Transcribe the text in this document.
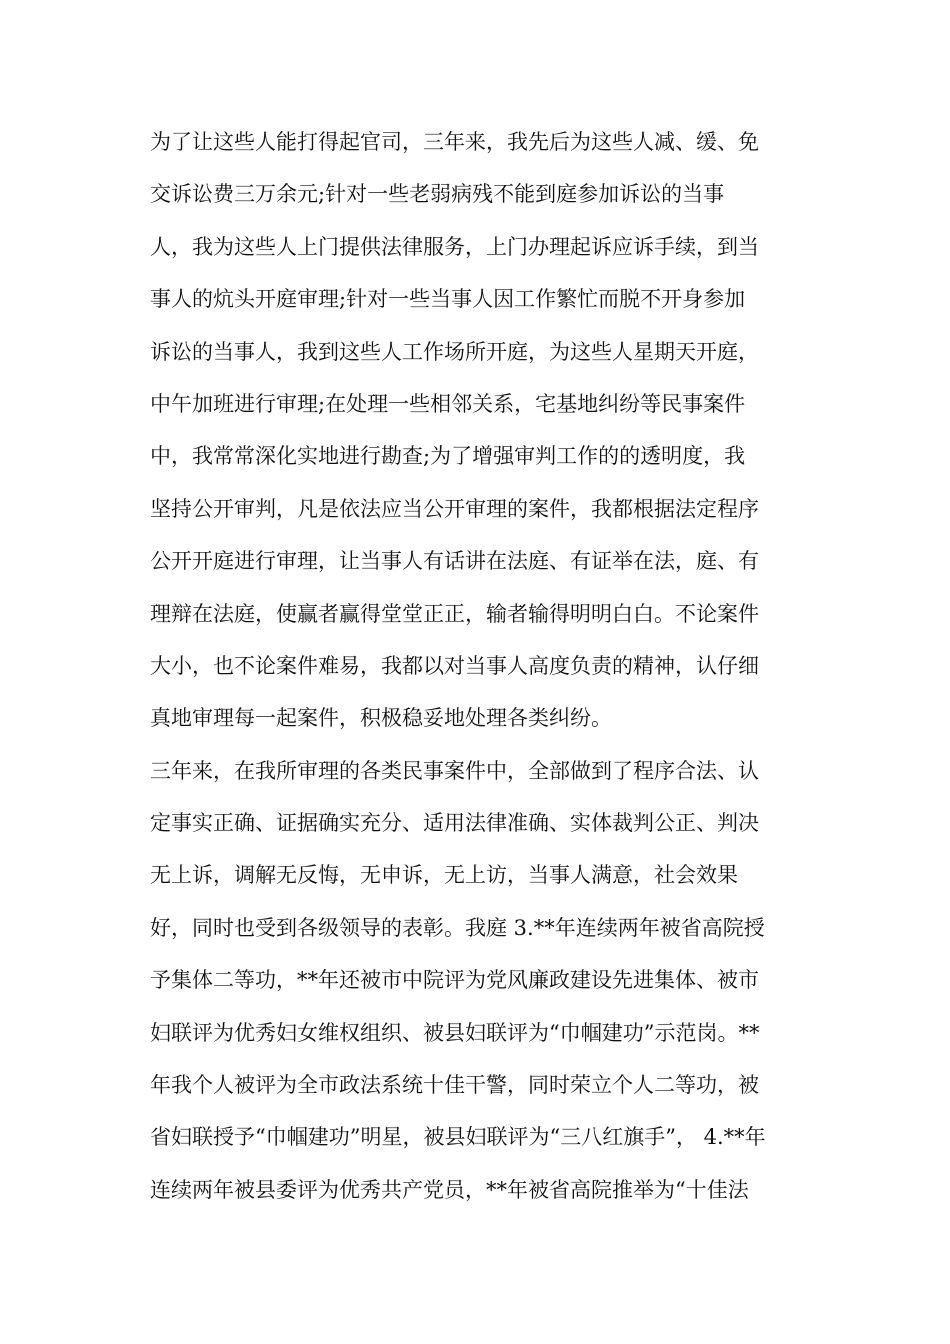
为了让这些人能打得起官司，三年来，我先后为这些人减、缓、免
交诉讼费三万余元;针对一些老弱病残不能到庭参加诉讼的当事
人，我为这些人上门提供法律服务，上门办理起诉应诉手续，到当
事人的炕头开庭审理;针对一些当事人因工作繁忙而脱不开身参加
诉讼的当事人，我到这些人工作场所开庭，为这些人星期天开庭，
中午加班进行审理;在处理一些相邻关系，宅基地纠纷等民事案件
中，我常常深化实地进行勘查;为了增强审判工作的的透明度，我
坚持公开审判，凡是依法应当公开审理的案件，我都根据法定程序
公开开庭进行审理，让当事人有话讲在法庭、有证举在法，庭、有
理辩在法庭，使赢者赢得堂堂正正，输者输得明明白白。不论案件
大小，也不论案件难易，我都以对当事人高度负责的精神，认仔细
真地审理每一起案件，积极稳妥地处理各类纠纷。
三年来，在我所审理的各类民事案件中，全部做到了程序合法、认
定事实正确、证据确实充分、适用法律准确、实体裁判公正、判决
无上诉，调解无反悔，无申诉，无上访，当事人满意，社会效果
好，同时也受到各级领导的表彰。我庭 3.**年连续两年被省高院授
予集体二等功，**年还被市中院评为党风廉政建设先进集体、被市
妇联评为优秀妇女维权组织、被县妇联评为“巾帼建功”示范岗。**
年我个人被评为全市政法系统十佳干警，同时荣立个人二等功，被
省妇联授予“巾帼建功”明星，被县妇联评为“三八红旗手”， 4.**年
连续两年被县委评为优秀共产党员，**年被省高院推举为“十佳法
